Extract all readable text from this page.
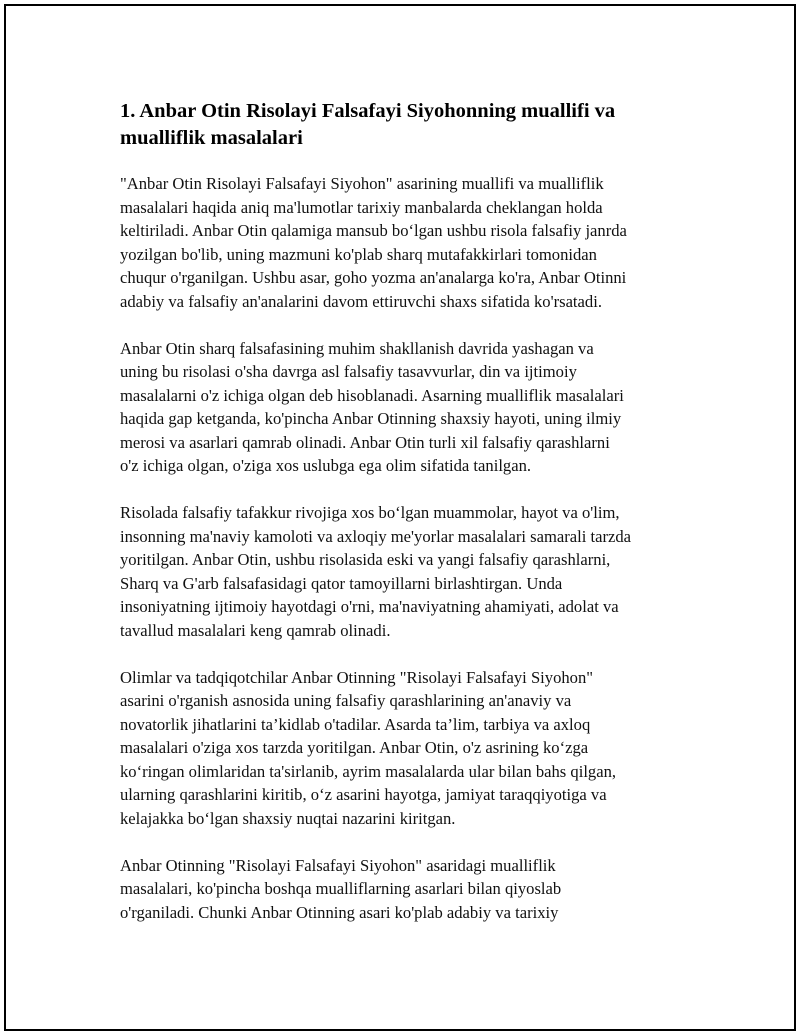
1. Anbar Otin Risolayi Falsafayi Siyohonning muallifi va
mualliflik masalalari

"Anbar Otin Risolayi Falsafayi Siyohon" asarining muallifi va mualliflik
masalalari haqida aniq ma'lumotlar tarixiy manbalarda cheklangan holda
keltiriladi. Anbar Otin qalamiga mansub bo‘lgan ushbu risola falsafiy janrda
yozilgan bo'lib, uning mazmuni ko'plab sharq mutafakkirlari tomonidan
chuqur o'rganilgan. Ushbu asar, goho yozma an'analarga ko'ra, Anbar Otinni
adabiy va falsafiy an'analarini davom ettiruvchi shaxs sifatida ko'rsatadi.

Anbar Otin sharq falsafasining muhim shakllanish davrida yashagan va
uning bu risolasi o'sha davrga asl falsafiy tasavvurlar, din va ijtimoiy
masalalarni o'z ichiga olgan deb hisoblanadi. Asarning mualliflik masalalari
haqida gap ketganda, ko'pincha Anbar Otinning shaxsiy hayoti, uning ilmiy
merosi va asarlari qamrab olinadi. Anbar Otin turli xil falsafiy qarashlarni
o'z ichiga olgan, o'ziga xos uslubga ega olim sifatida tanilgan.

Risolada falsafiy tafakkur rivojiga xos bo‘lgan muammolar, hayot va o'lim,
insonning ma'naviy kamoloti va axloqiy me'yorlar masalalari samarali tarzda
yoritilgan. Anbar Otin, ushbu risolasida eski va yangi falsafiy qarashlarni,
Sharq va G'arb falsafasidagi qator tamoyillarni birlashtirgan. Unda
insoniyatning ijtimoiy hayotdagi o'rni, ma'naviyatning ahamiyati, adolat va
tavallud masalalari keng qamrab olinadi.

Olimlar va tadqiqotchilar Anbar Otinning "Risolayi Falsafayi Siyohon"
asarini o'rganish asnosida uning falsafiy qarashlarining an'anaviy va
novatorlik jihatlarini ta’kidlab o'tadilar. Asarda ta’lim, tarbiya va axloq
masalalari o'ziga xos tarzda yoritilgan. Anbar Otin, o'z asrining ko‘zga
ko‘ringan olimlaridan ta'sirlanib, ayrim masalalarda ular bilan bahs qilgan,
ularning qarashlarini kiritib, o‘z asarini hayotga, jamiyat taraqqiyotiga va
kelajakka bo‘lgan shaxsiy nuqtai nazarini kiritgan.

Anbar Otinning "Risolayi Falsafayi Siyohon" asaridagi mualliflik
masalalari, ko'pincha boshqa mualliflarning asarlari bilan qiyoslab
o'rganiladi. Chunki Anbar Otinning asari ko'plab adabiy va tarixiy
